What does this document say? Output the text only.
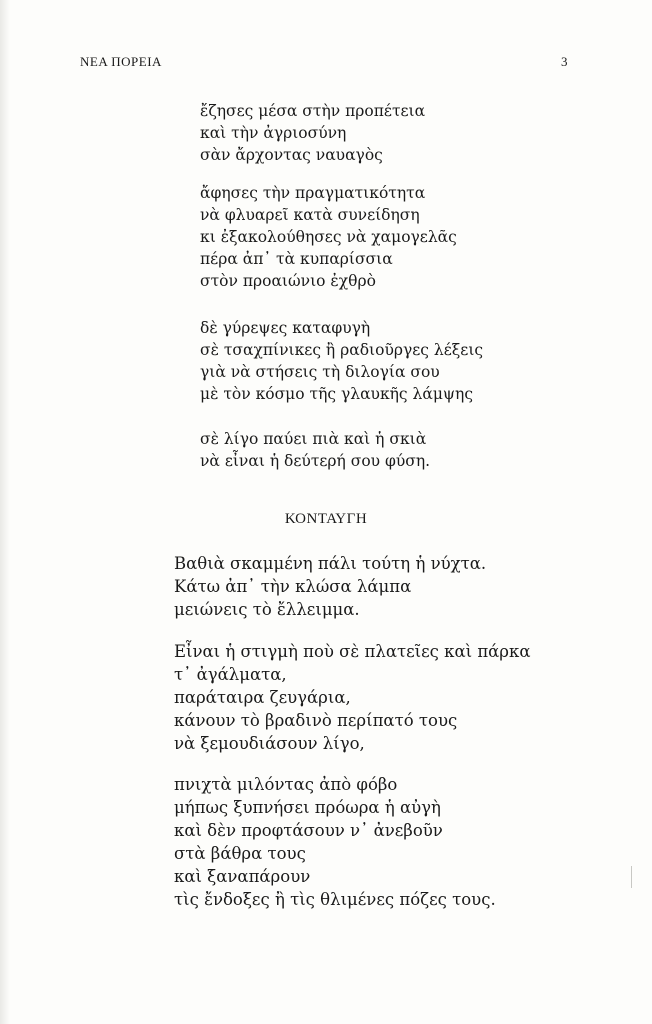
ΝΕΑ ΠΟΡΕΙΑ	3
ἔζησες μέσα στὴν προπέτεια
καὶ τὴν ἀγριοσύνη
σὰν ἄρχοντας ναυαγὸς
ἄφησες τὴν πραγματικότητα
νὰ φλυαρεῖ κατὰ συνείδηση
κι ἐξακολούθησες νὰ χαμογελᾶς
πέρα ἀπ᾽ τὰ κυπαρίσσια
στὸν προαιώνιο ἐχθρὸ
δὲ γύρεψες καταφυγὴ
σὲ τσαχπίνικες ἢ ραδιοῦργες λέξεις
γιὰ νὰ στήσεις τὴ διλογία σου
μὲ τὸν κόσμο τῆς γλαυκῆς λάμψης
σὲ λίγο παύει πιὰ καὶ ἡ σκιὰ
νὰ εἶναι ἡ δεύτερή σου φύση.
ΚΟΝΤΑΥΓΗ
Βαθιὰ σκαμμένη πάλι τούτη ἡ νύχτα.
Κάτω ἀπ᾽ τὴν κλώσα λάμπα
μειώνεις τὸ ἔλλειμμα.
Εἶναι ἡ στιγμὴ ποὺ σὲ πλατεῖες καὶ πάρκα
τ᾽ ἀγάλματα,
παράταιρα ζευγάρια,
κάνουν τὸ βραδινὸ περίπατό τους
νὰ ξεμουδιάσουν λίγο,
πνιχτὰ μιλόντας ἀπὸ φόβο
μήπως ξυπνήσει πρόωρα ἡ αὐγὴ
καὶ δὲν προφτάσουν ν᾽ ἀνεβοῦν
στὰ βάθρα τους
καὶ ξαναπάρουν
τὶς ἔνδοξες ἢ τὶς θλιμένες πόζες τους.
